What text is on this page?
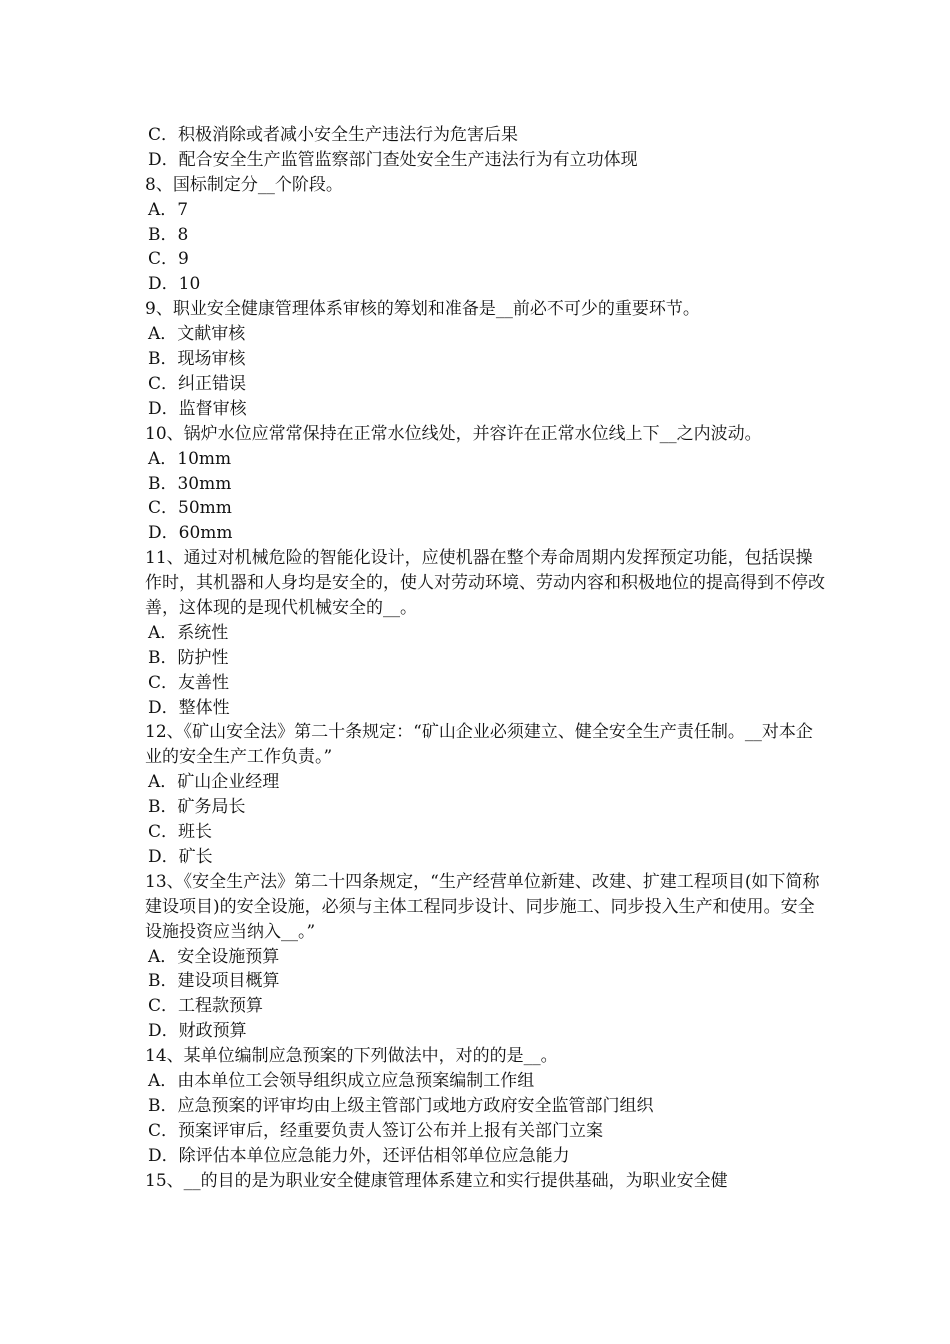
C．积极消除或者减小安全生产违法行为危害后果
D．配合安全生产监管监察部门查处安全生产违法行为有立功体现
8、国标制定分__个阶段。
A．7
B．8
C．9
D．10
9、职业安全健康管理体系审核的筹划和准备是__前必不可少的重要环节。
A．文献审核
B．现场审核
C．纠正错误
D．监督审核
10、锅炉水位应常常保持在正常水位线处，并容许在正常水位线上下__之内波动。
A．10mm
B．30mm
C．50mm
D．60mm
11、通过对机械危险的智能化设计，应使机器在整个寿命周期内发挥预定功能，包括误操作时，其机器和人身均是安全的，使人对劳动环境、劳动内容和积极地位的提高得到不停改善，这体现的是现代机械安全的__。
A．系统性
B．防护性
C．友善性
D．整体性
12、《矿山安全法》第二十条规定：“矿山企业必须建立、健全安全生产责任制。__对本企业的安全生产工作负责。”
A．矿山企业经理
B．矿务局长
C．班长
D．矿长
13、《安全生产法》第二十四条规定，“生产经营单位新建、改建、扩建工程项目(如下简称建设项目)的安全设施，必须与主体工程同步设计、同步施工、同步投入生产和使用。安全设施投资应当纳入__。”
A．安全设施预算
B．建设项目概算
C．工程款预算
D．财政预算
14、某单位编制应急预案的下列做法中，对的的是__。
A．由本单位工会领导组织成立应急预案编制工作组
B．应急预案的评审均由上级主管部门或地方政府安全监管部门组织
C．预案评审后，经重要负责人签订公布并上报有关部门立案
D．除评估本单位应急能力外，还评估相邻单位应急能力
15、__的目的是为职业安全健康管理体系建立和实行提供基础，为职业安全健
